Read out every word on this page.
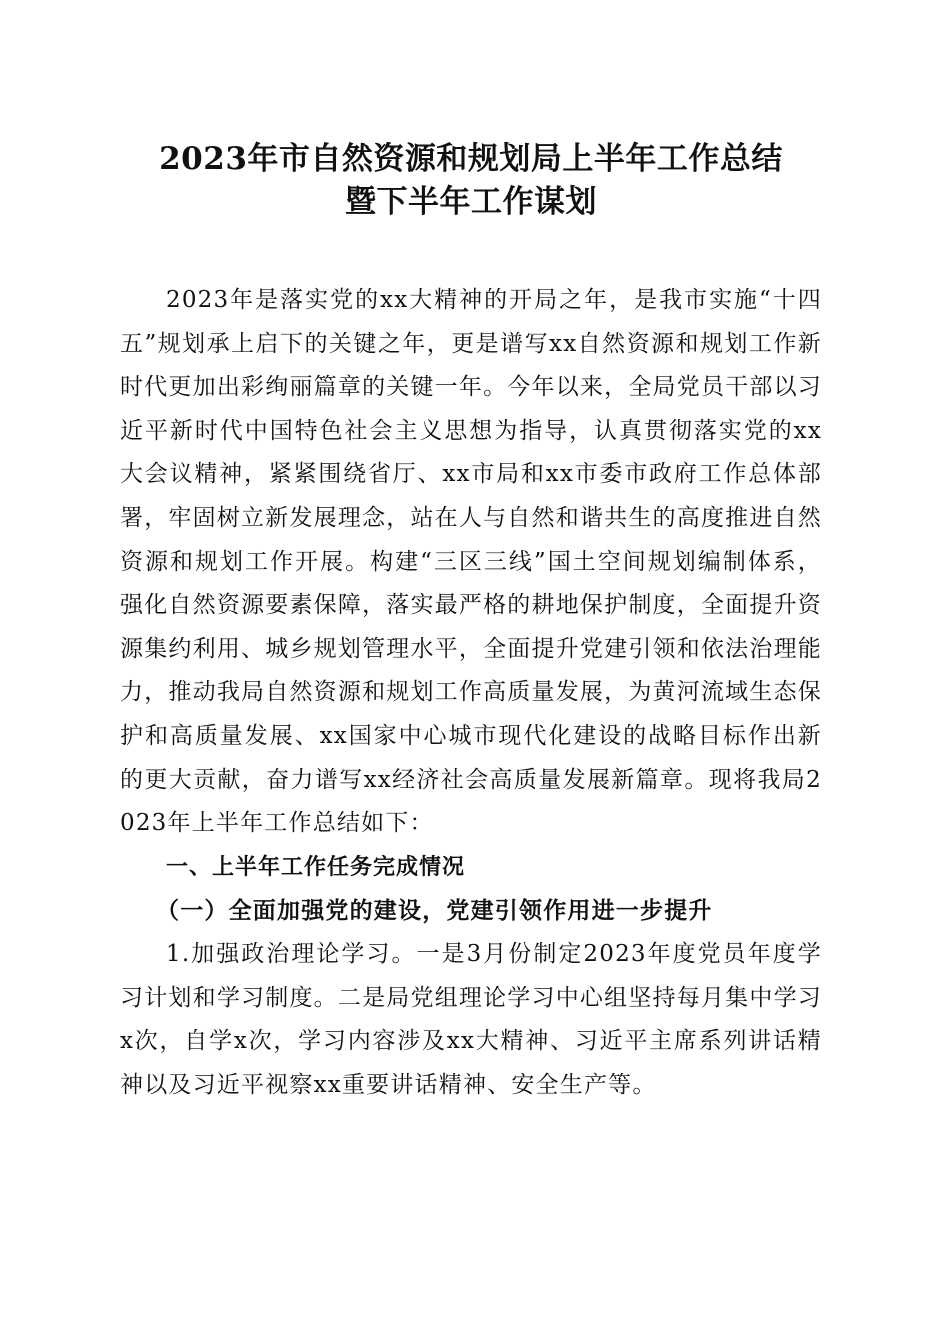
2023年市自然资源和规划局上半年工作总结
暨下半年工作谋划

2023年是落实党的xx大精神的开局之年，是我市实施“十四五”规划承上启下的关键之年，更是谱写xx自然资源和规划工作新时代更加出彩绚丽篇章的关键一年。今年以来，全局党员干部以习近平新时代中国特色社会主义思想为指导，认真贯彻落实党的xx大会议精神，紧紧围绕省厅、xx市局和xx市委市政府工作总体部署，牢固树立新发展理念，站在人与自然和谐共生的高度推进自然资源和规划工作开展。构建“三区三线”国土空间规划编制体系，强化自然资源要素保障，落实最严格的耕地保护制度，全面提升资源集约利用、城乡规划管理水平，全面提升党建引领和依法治理能力，推动我局自然资源和规划工作高质量发展，为黄河流域生态保护和高质量发展、xx国家中心城市现代化建设的战略目标作出新的更大贡献，奋力谱写xx经济社会高质量发展新篇章。现将我局2023年上半年工作总结如下：

一、上半年工作任务完成情况

（一）全面加强党的建设，党建引领作用进一步提升

1.加强政治理论学习。一是3月份制定2023年度党员年度学习计划和学习制度。二是局党组理论学习中心组坚持每月集中学习x次，自学x次，学习内容涉及xx大精神、习近平主席系列讲话精神以及习近平视察xx重要讲话精神、安全生产等。
